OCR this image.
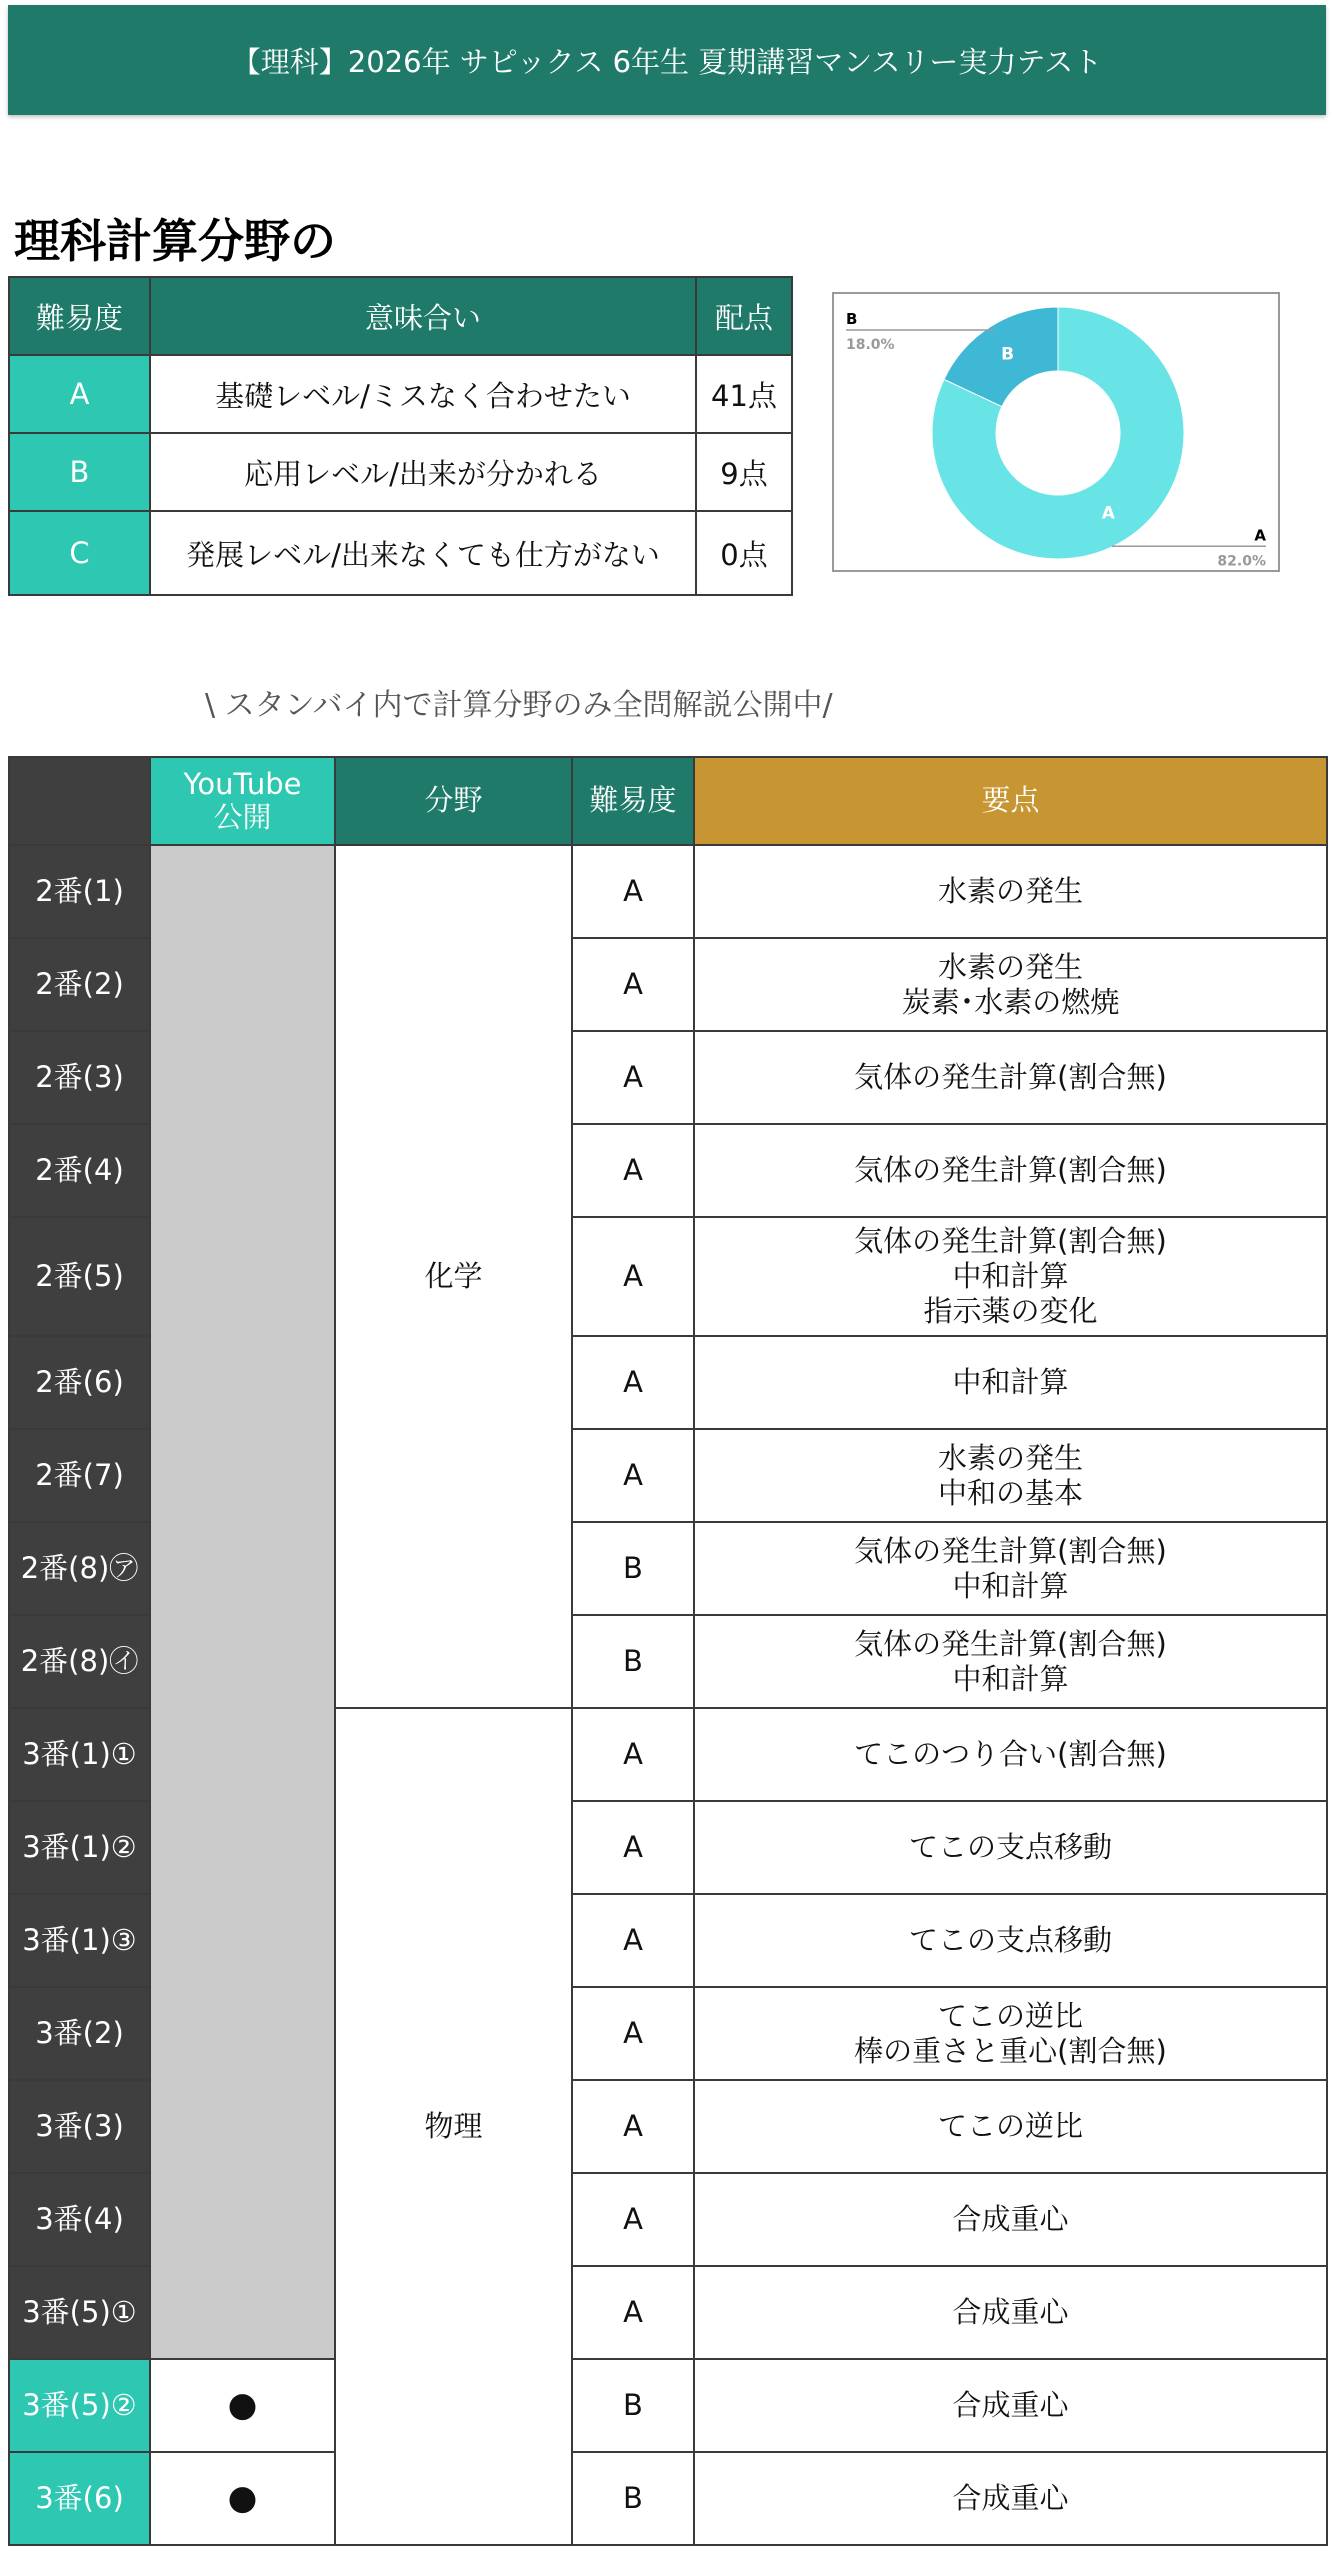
【理科】2026年 サピックス 6年生 夏期講習マンスリー実力テスト
理科計算分野の
難易度	意味合い	配点
A	基礎レベル/ミスなく合わせたい	41点
B	応用レベル/出来が分かれる	9点
C	発展レベル/出来なくても仕方がない	0点
A
B
A
82.0%
B
18.0%
\ スタンバイ内で計算分野のみ全問解説公開中/
	YouTube公開	分野	難易度	要点
2番(1)		化学	A	水素の発生
2番(2)			A	水素の発生
炭素･水素の燃焼
2番(3)			A	気体の発生計算(割合無)
2番(4)			A	気体の発生計算(割合無)
2番(5)			A	気体の発生計算(割合無)
中和計算
指示薬の変化
2番(6)			A	中和計算
2番(7)			A	水素の発生
中和の基本
2番(8)㋐			B	気体の発生計算(割合無)
中和計算
2番(8)㋑			B	気体の発生計算(割合無)
中和計算
3番(1)①		物理	A	てこのつり合い(割合無)
3番(1)②			A	てこの支点移動
3番(1)③			A	てこの支点移動
3番(2)			A	てこの逆比
棒の重さと重心(割合無)
3番(3)			A	てこの逆比
3番(4)			A	合成重心
3番(5)①			A	合成重心
3番(5)②	●		B	合成重心
3番(6)	●		B	合成重心
